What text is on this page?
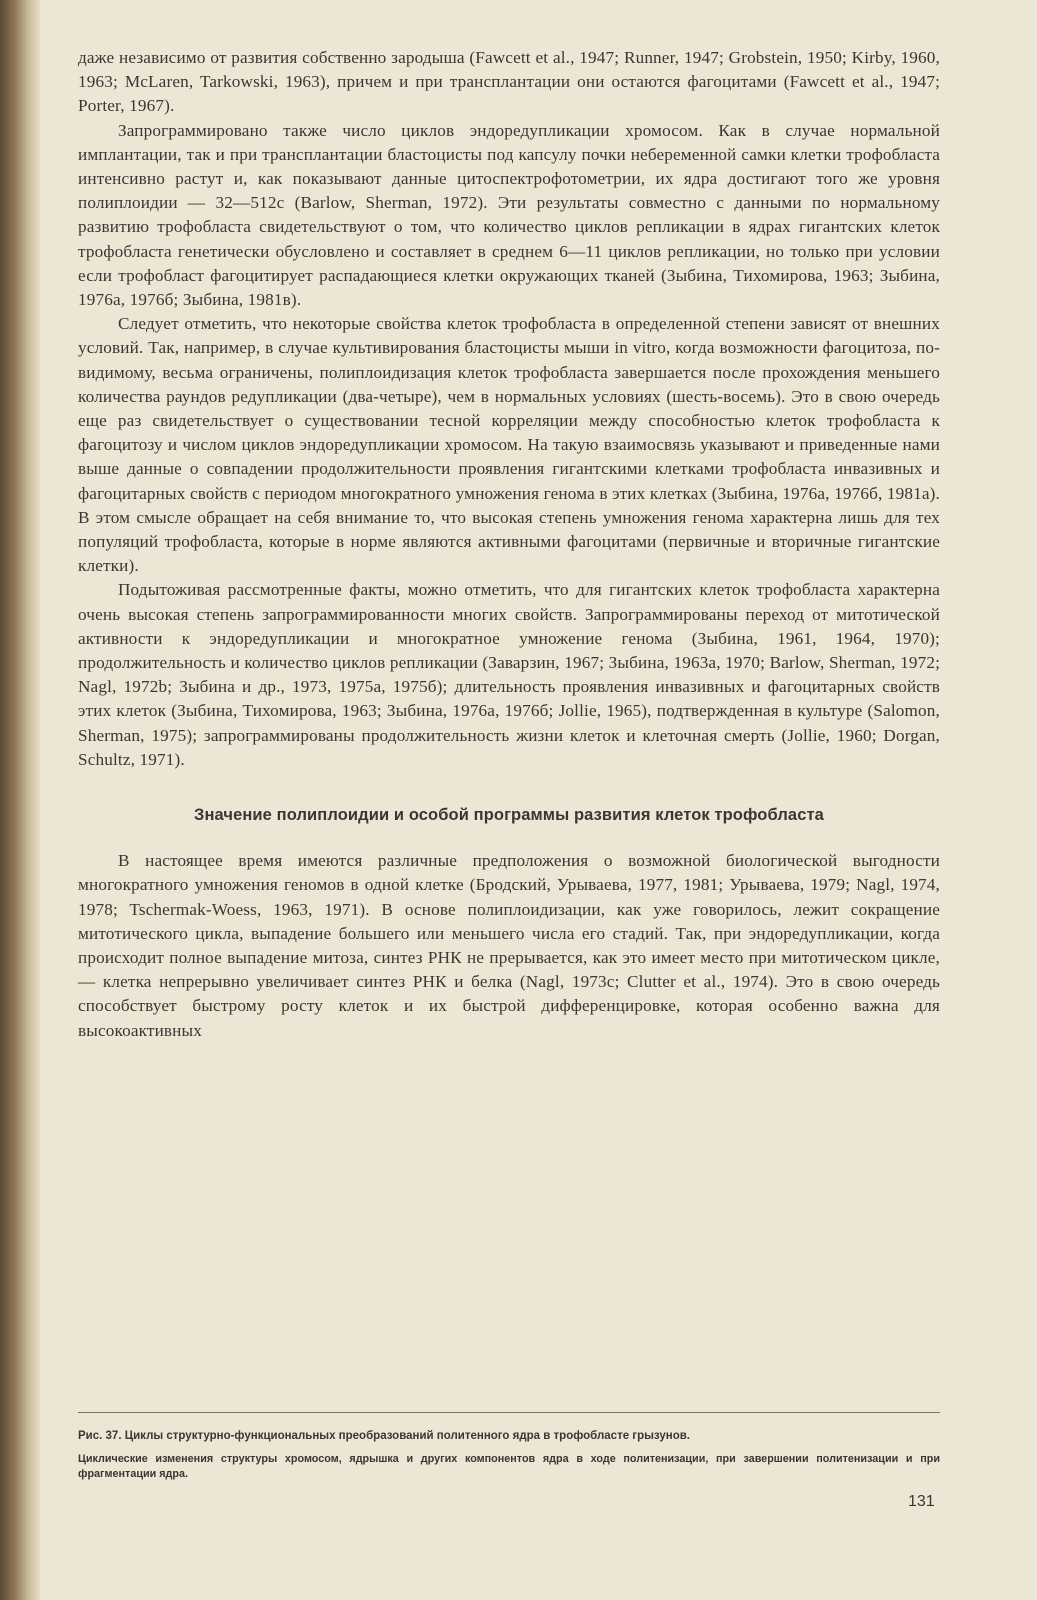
даже независимо от развития собственно зародыша (Fawcett et al., 1947; Runner, 1947; Grobstein, 1950; Kirby, 1960, 1963; McLaren, Tarkowski, 1963), причем и при трансплантации они остаются фагоцитами (Fawcett et al., 1947; Porter, 1967).

Запрограммировано также число циклов эндоредупликации хромосом. Как в случае нормальной имплантации, так и при трансплантации бластоцисты под капсулу почки небеременной самки клетки трофобласта интенсивно растут и, как показывают данные цитоспектрофотометрии, их ядра достигают того же уровня полиплоидии — 32—512c (Barlow, Sherman, 1972). Эти результаты совместно с данными по нормальному развитию трофобласта свидетельствуют о том, что количество циклов репликации в ядрах гигантских клеток трофобласта генетически обусловлено и составляет в среднем 6—11 циклов репликации, но только при условии если трофобласт фагоцитирует распадающиеся клетки окружающих тканей (Зыбина, Тихомирова, 1963; Зыбина, 1976а, 1976б; Зыбина, 1981в).

Следует отметить, что некоторые свойства клеток трофобласта в определенной степени зависят от внешних условий. Так, например, в случае культивирования бластоцисты мыши in vitro, когда возможности фагоцитоза, по-видимому, весьма ограничены, полиплоидизация клеток трофобласта завершается после прохождения меньшего количества раундов редупликации (два-четыре), чем в нормальных условиях (шесть-восемь). Это в свою очередь еще раз свидетельствует о существовании тесной корреляции между способностью клеток трофобласта к фагоцитозу и числом циклов эндоредупликации хромосом. На такую взаимосвязь указывают и приведенные нами выше данные о совпадении продолжительности проявления гигантскими клетками трофобласта инвазивных и фагоцитарных свойств с периодом многократного умножения генома в этих клетках (Зыбина, 1976а, 1976б, 1981а). В этом смысле обращает на себя внимание то, что высокая степень умножения генома характерна лишь для тех популяций трофобласта, которые в норме являются активными фагоцитами (первичные и вторичные гигантские клетки).

Подытоживая рассмотренные факты, можно отметить, что для гигантских клеток трофобласта характерна очень высокая степень запрограммированности многих свойств. Запрограммированы переход от митотической активности к эндоредупликации и многократное умножение генома (Зыбина, 1961, 1964, 1970); продолжительность и количество циклов репликации (Заварзин, 1967; Зыбина, 1963а, 1970; Barlow, Sherman, 1972; Nagl, 1972b; Зыбина и др., 1973, 1975а, 1975б); длительность проявления инвазивных и фагоцитарных свойств этих клеток (Зыбина, Тихомирова, 1963; Зыбина, 1976а, 1976б; Jollie, 1965), подтвержденная в культуре (Salomon, Sherman, 1975); запрограммированы продолжительность жизни клеток и клеточная смерть (Jollie, 1960; Dorgan, Schultz, 1971).

Значение полиплоидии и особой программы развития клеток трофобласта

В настоящее время имеются различные предположения о возможной биологической выгодности многократного умножения геномов в одной клетке (Бродский, Урываева, 1977, 1981; Урываева, 1979; Nagl, 1974, 1978; Tschermak-Woess, 1963, 1971). В основе полиплоидизации, как уже говорилось, лежит сокращение митотического цикла, выпадение большего или меньшего числа его стадий. Так, при эндоредупликации, когда происходит полное выпадение митоза, синтез РНК не прерывается, как это имеет место при митотическом цикле, — клетка непрерывно увеличивает синтез РНК и белка (Nagl, 1973c; Clutter et al., 1974). Это в свою очередь способствует быстрому росту клеток и их быстрой дифференцировке, которая особенно важна для высокоактивных

Рис. 37. Циклы структурно-функциональных преобразований политенного ядра в трофобласте грызунов.

Циклические изменения структуры хромосом, ядрышка и других компонентов ядра в ходе политенизации, при завершении политенизации и при фрагментации ядра.

131
